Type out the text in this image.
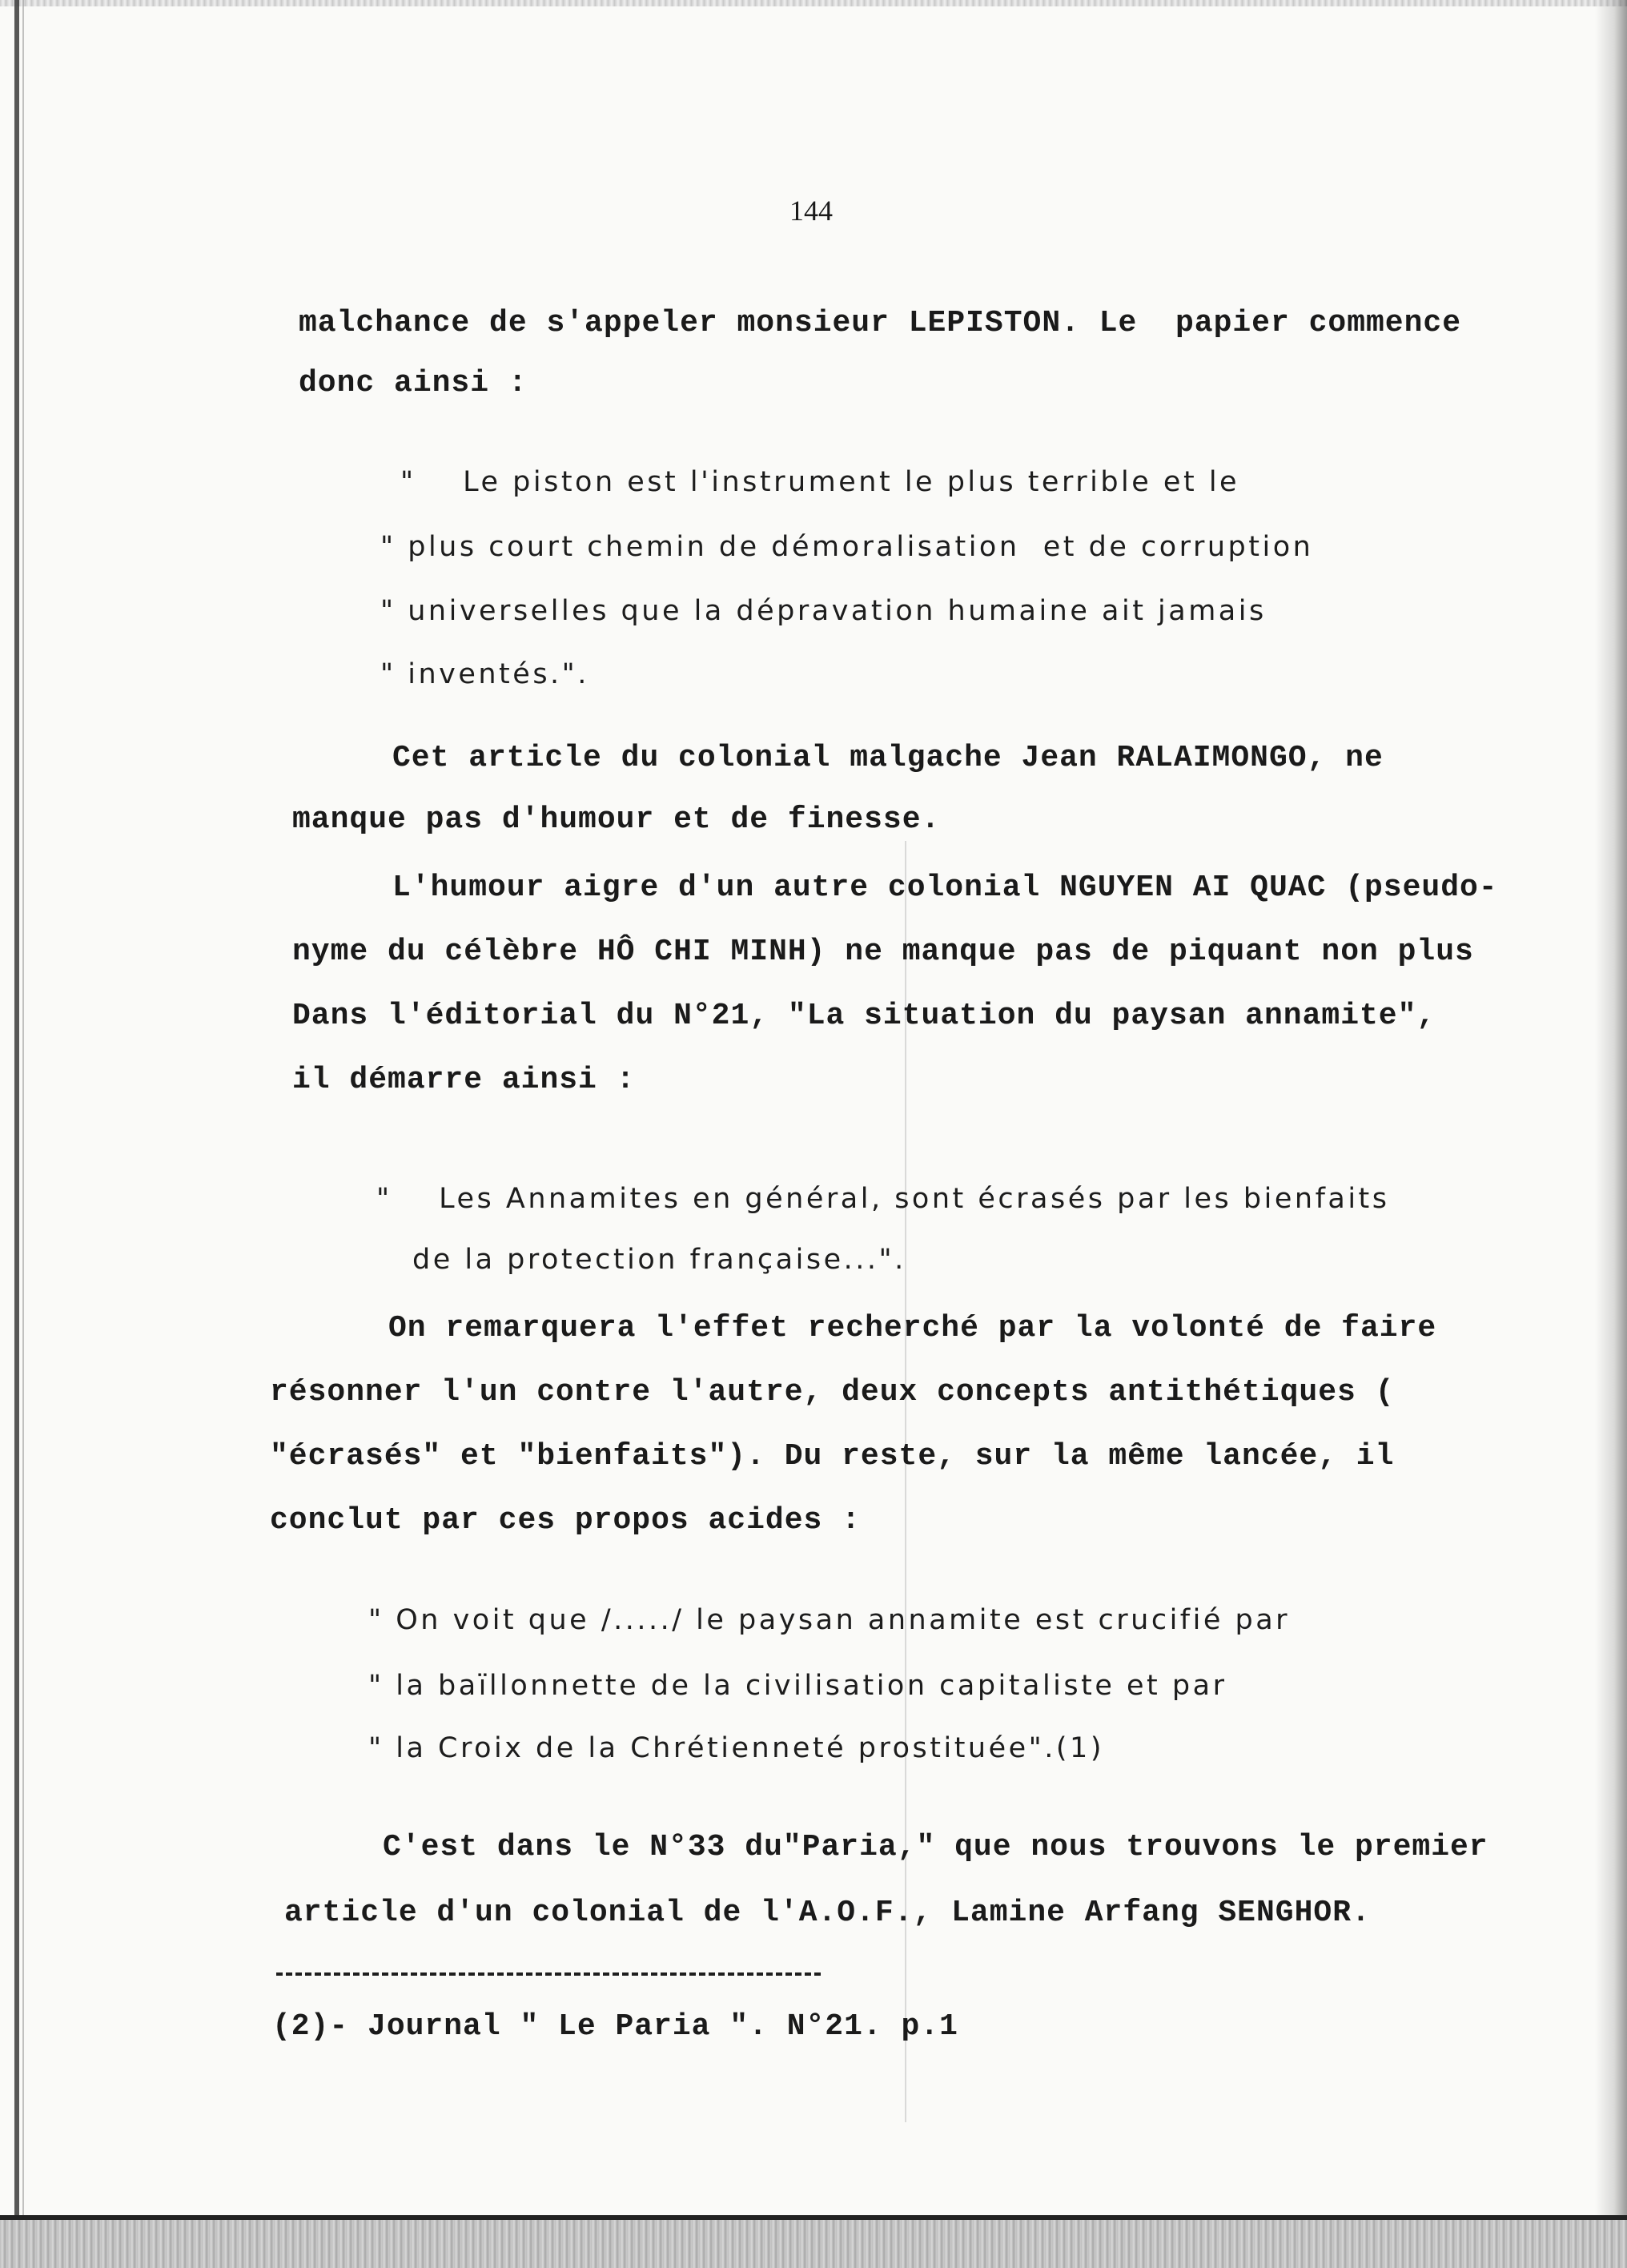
144
malchance de s'appeler monsieur LEPISTON. Le  papier commence
donc ainsi :
"    Le piston est l'instrument le plus terrible et le
" plus court chemin de démoralisation  et de corruption
" universelles que la dépravation humaine ait jamais
" inventés.".
Cet article du colonial malgache Jean RALAIMONGO, ne
manque pas d'humour et de finesse.
L'humour aigre d'un autre colonial NGUYEN AI QUAC (pseudo-
nyme du célèbre HÔ CHI MINH) ne manque pas de piquant non plus
Dans l'éditorial du N°21, "La situation du paysan annamite",
il démarre ainsi :
"    Les Annamites en général, sont écrasés par les bienfaits
de la protection française...".
On remarquera l'effet recherché par la volonté de faire
résonner l'un contre l'autre, deux concepts antithétiques (
"écrasés" et "bienfaits"). Du reste, sur la même lancée, il
conclut par ces propos acides :
" On voit que /...../ le paysan annamite est crucifié par
" la baïllonnette de la civilisation capitaliste et par
" la Croix de la Chrétienneté prostituée".(1)
C'est dans le N°33 du"Paria," que nous trouvons le premier
article d'un colonial de l'A.O.F., Lamine Arfang SENGHOR.
(2)- Journal " Le Paria ". N°21. p.1
